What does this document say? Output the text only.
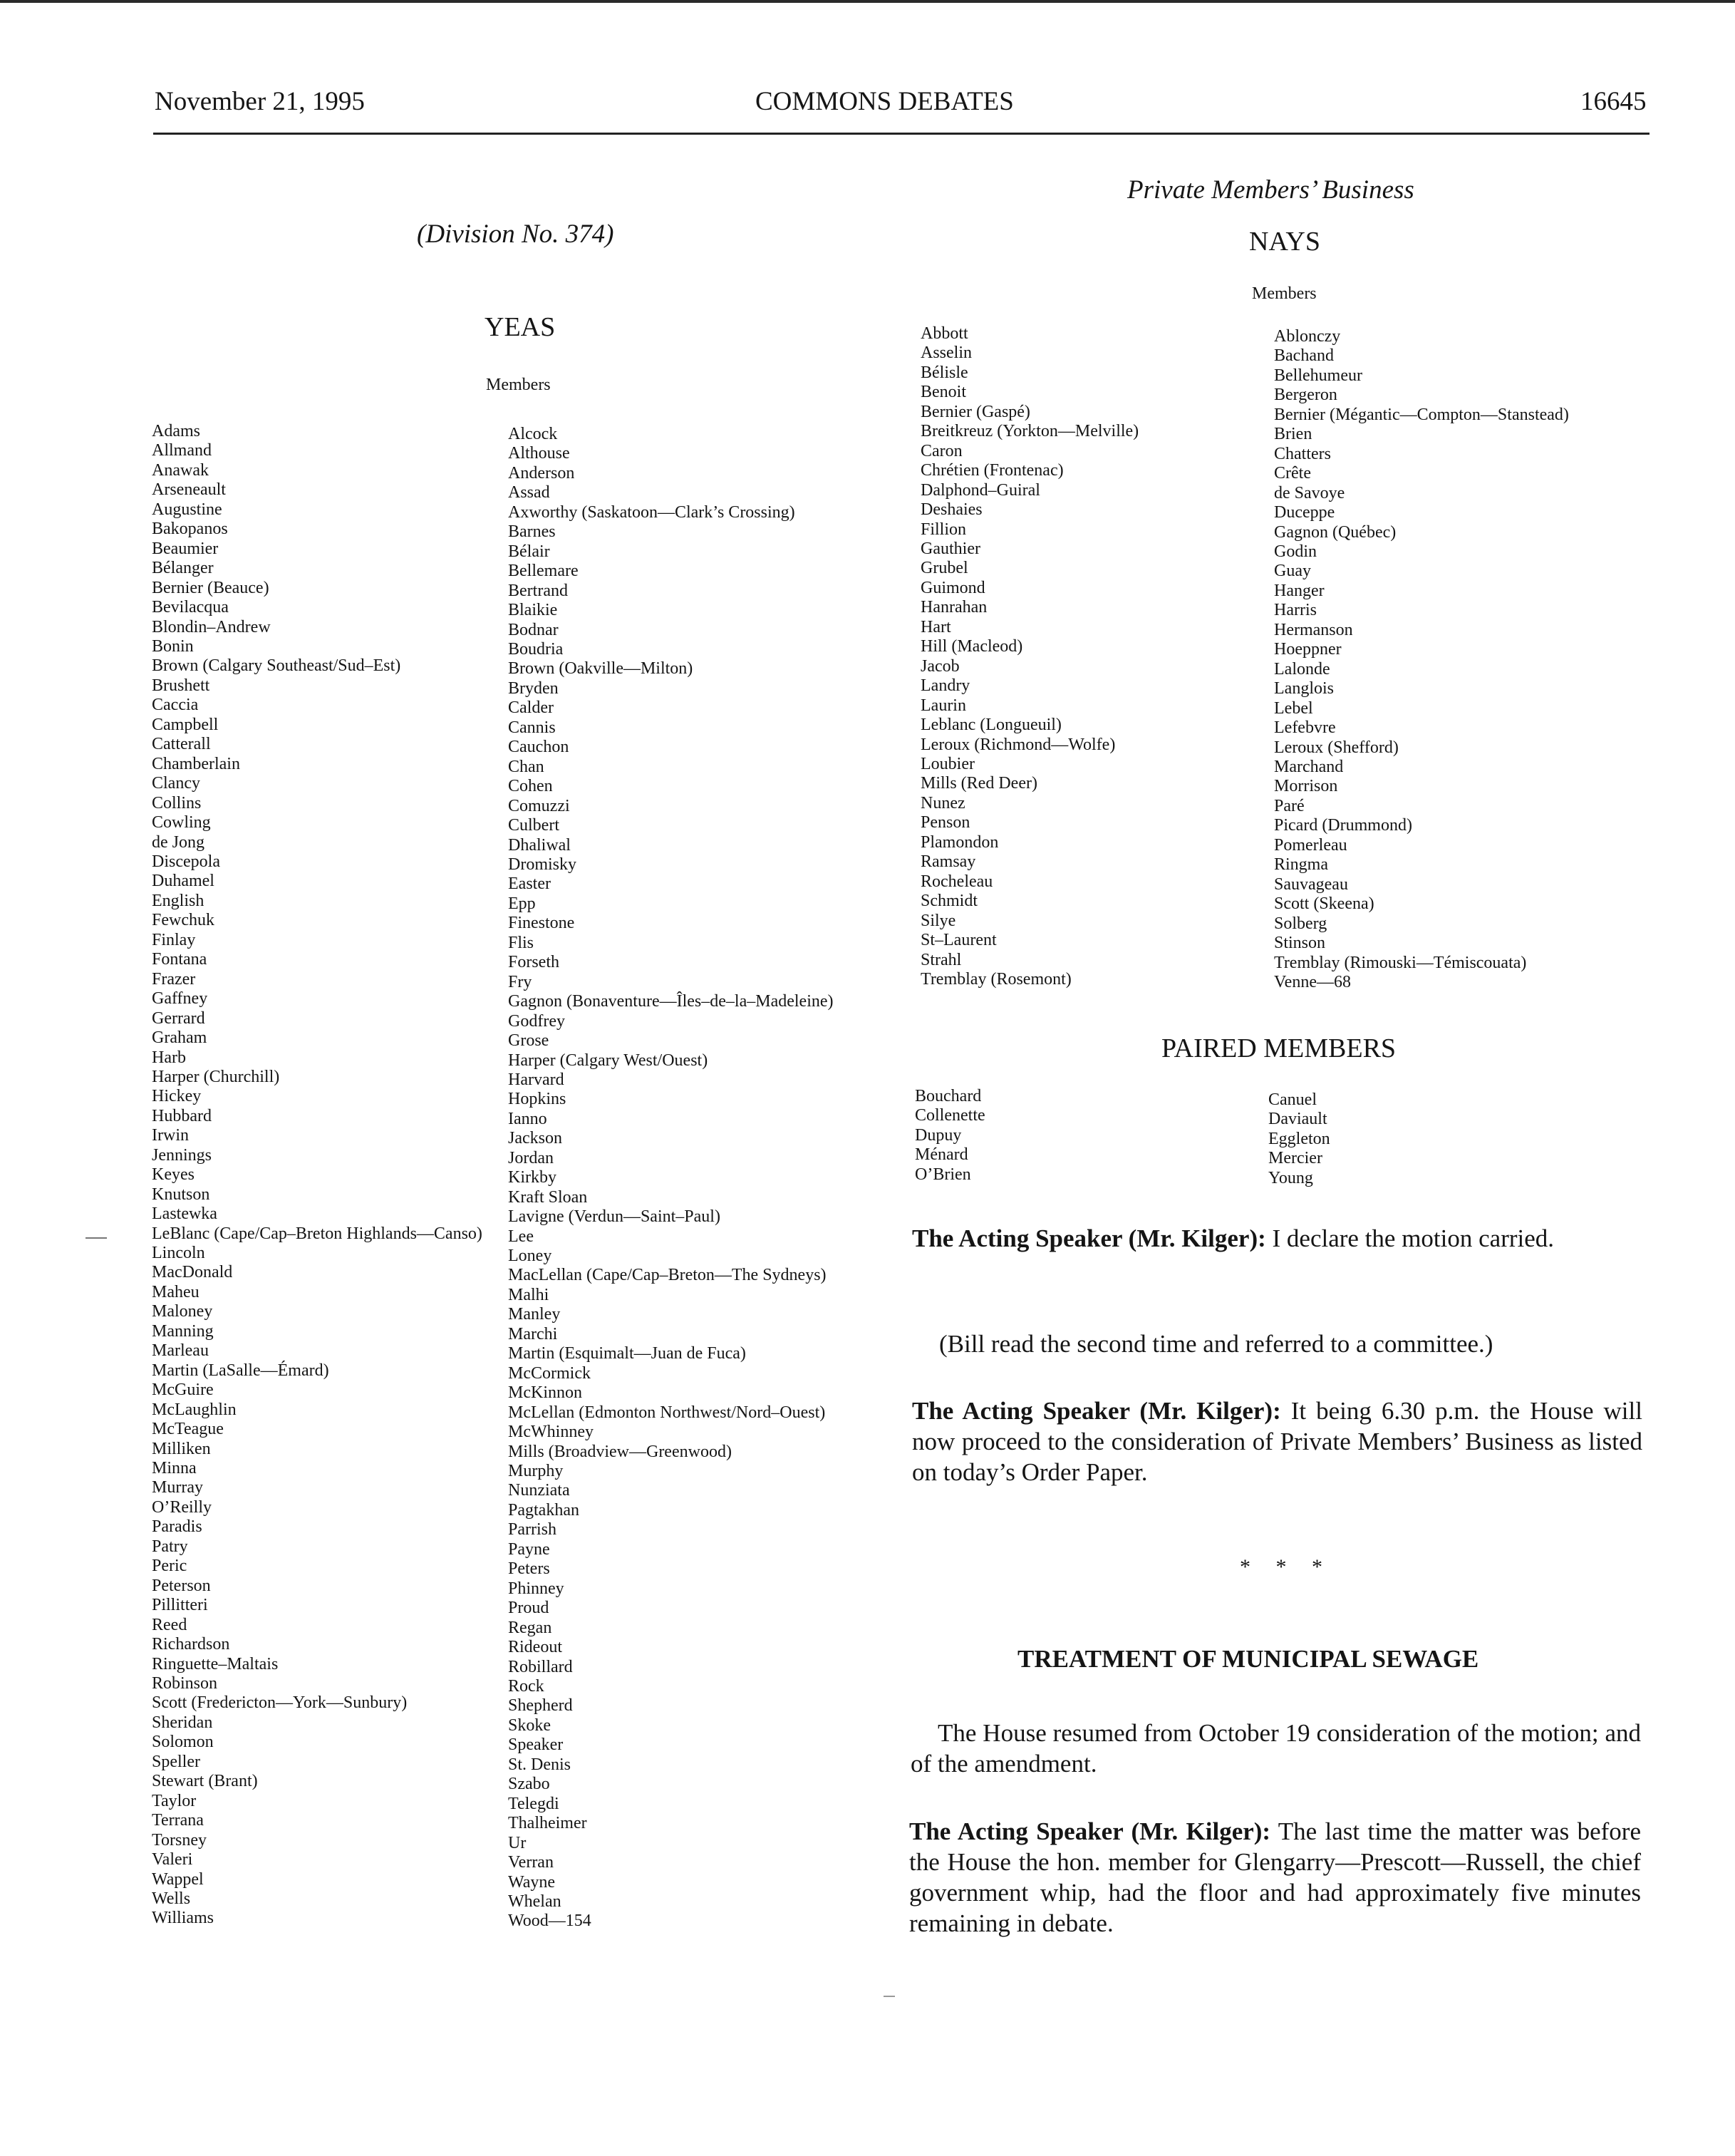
November 21, 1995	COMMONS DEBATES	16645
Private Members’ Business
(Division No. 374)
YEAS
Members
Adams
Allmand
Anawak
Arseneault
Augustine
Bakopanos
Beaumier
Bélanger
Bernier (Beauce)
Bevilacqua
Blondin–Andrew
Bonin
Brown (Calgary Southeast/Sud–Est)
Brushett
Caccia
Campbell
Catterall
Chamberlain
Clancy
Collins
Cowling
de Jong
Discepola
Duhamel
English
Fewchuk
Finlay
Fontana
Frazer
Gaffney
Gerrard
Graham
Harb
Harper (Churchill)
Hickey
Hubbard
Irwin
Jennings
Keyes
Knutson
Lastewka
LeBlanc (Cape/Cap–Breton Highlands—Canso)
Lincoln
MacDonald
Maheu
Maloney
Manning
Marleau
Martin (LaSalle—Émard)
McGuire
McLaughlin
McTeague
Milliken
Minna
Murray
O’Reilly
Paradis
Patry
Peric
Peterson
Pillitteri
Reed
Richardson
Ringuette–Maltais
Robinson
Scott (Fredericton—York—Sunbury)
Sheridan
Solomon
Speller
Stewart (Brant)
Taylor
Terrana
Torsney
Valeri
Wappel
Wells
Williams
Alcock
Althouse
Anderson
Assad
Axworthy (Saskatoon—Clark’s Crossing)
Barnes
Bélair
Bellemare
Bertrand
Blaikie
Bodnar
Boudria
Brown (Oakville—Milton)
Bryden
Calder
Cannis
Cauchon
Chan
Cohen
Comuzzi
Culbert
Dhaliwal
Dromisky
Easter
Epp
Finestone
Flis
Forseth
Fry
Gagnon (Bonaventure—Îles–de–la–Madeleine)
Godfrey
Grose
Harper (Calgary West/Ouest)
Harvard
Hopkins
Ianno
Jackson
Jordan
Kirkby
Kraft Sloan
Lavigne (Verdun—Saint–Paul)
Lee
Loney
MacLellan (Cape/Cap–Breton—The Sydneys)
Malhi
Manley
Marchi
Martin (Esquimalt—Juan de Fuca)
McCormick
McKinnon
McLellan (Edmonton Northwest/Nord–Ouest)
McWhinney
Mills (Broadview—Greenwood)
Murphy
Nunziata
Pagtakhan
Parrish
Payne
Peters
Phinney
Proud
Regan
Rideout
Robillard
Rock
Shepherd
Skoke
Speaker
St. Denis
Szabo
Telegdi
Thalheimer
Ur
Verran
Wayne
Whelan
Wood—154
NAYS
Members
Abbott
Asselin
Bélisle
Benoit
Bernier (Gaspé)
Breitkreuz (Yorkton—Melville)
Caron
Chrétien (Frontenac)
Dalphond–Guiral
Deshaies
Fillion
Gauthier
Grubel
Guimond
Hanrahan
Hart
Hill (Macleod)
Jacob
Landry
Laurin
Leblanc (Longueuil)
Leroux (Richmond—Wolfe)
Loubier
Mills (Red Deer)
Nunez
Penson
Plamondon
Ramsay
Rocheleau
Schmidt
Silye
St–Laurent
Strahl
Tremblay (Rosemont)
Ablonczy
Bachand
Bellehumeur
Bergeron
Bernier (Mégantic—Compton—Stanstead)
Brien
Chatters
Crête
de Savoye
Duceppe
Gagnon (Québec)
Godin
Guay
Hanger
Harris
Hermanson
Hoeppner
Lalonde
Langlois
Lebel
Lefebvre
Leroux (Shefford)
Marchand
Morrison
Paré
Picard (Drummond)
Pomerleau
Ringma
Sauvageau
Scott (Skeena)
Solberg
Stinson
Tremblay (Rimouski—Témiscouata)
Venne—68
PAIRED MEMBERS
Bouchard
Collenette
Dupuy
Ménard
O’Brien
Canuel
Daviault
Eggleton
Mercier
Young

The Acting Speaker (Mr. Kilger): I declare the motion carried.

(Bill read the second time and referred to a committee.)

The Acting Speaker (Mr. Kilger): It being 6.30 p.m. the House will now proceed to the consideration of Private Members’ Business as listed on today’s Order Paper.

* * *
TREATMENT OF MUNICIPAL SEWAGE

The House resumed from October 19 consideration of the motion; and of the amendment.

The Acting Speaker (Mr. Kilger): The last time the matter was before the House the hon. member for Glengarry—Prescott—Russell, the chief government whip, had the floor and had approximately five minutes remaining in debate.
